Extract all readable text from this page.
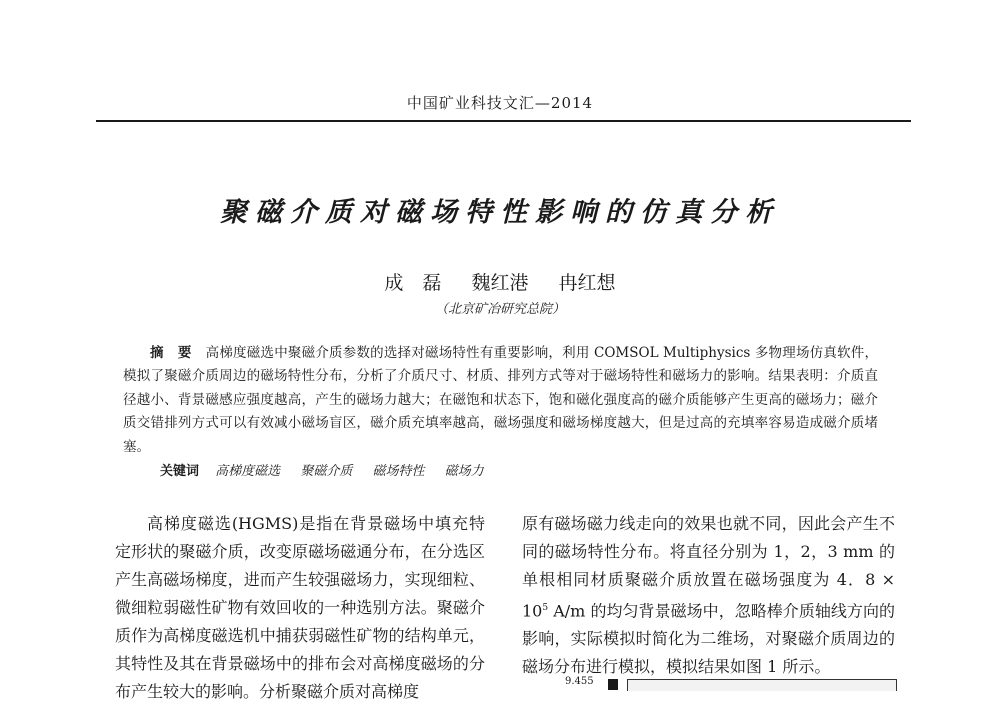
中国矿业科技文汇—2014
聚磁介质对磁场特性影响的仿真分析
成　磊 魏红港 冉红想
（北京矿冶研究总院）
摘 要 高梯度磁选中聚磁介质参数的选择对磁场特性有重要影响，利用 COMSOL Multiphysics 多物理场仿真软件，模拟了聚磁介质周边的磁场特性分布，分析了介质尺寸、材质、排列方式等对于磁场特性和磁场力的影响。结果表明：介质直径越小、背景磁感应强度越高，产生的磁场力越大；在磁饱和状态下，饱和磁化强度高的磁介质能够产生更高的磁场力；磁介质交错排列方式可以有效减小磁场盲区，磁介质充填率越高，磁场强度和磁场梯度越大，但是过高的充填率容易造成磁介质堵塞。
关键词 高梯度磁选 聚磁介质 磁场特性 磁场力
高梯度磁选(HGMS)是指在背景磁场中填充特定形状的聚磁介质，改变原磁场磁通分布，在分选区产生高磁场梯度，进而产生较强磁场力，实现细粒、微细粒弱磁性矿物有效回收的一种选别方法。聚磁介质作为高梯度磁选机中捕获弱磁性矿物的结构单元，其特性及其在背景磁场中的排布会对高梯度磁场的分布产生较大的影响。分析聚磁介质对高梯度
原有磁场磁力线走向的效果也就不同，因此会产生不同的磁场特性分布。将直径分别为 1，2，3 mm 的单根相同材质聚磁介质放置在磁场强度为 4．$8 \times 10^5$ A/m 的均匀背景磁场中，忽略棒介质轴线方向的影响，实际模拟时简化为二维场，对聚磁介质周边的磁场分布进行模拟，模拟结果如图 1 所示。
9.455
